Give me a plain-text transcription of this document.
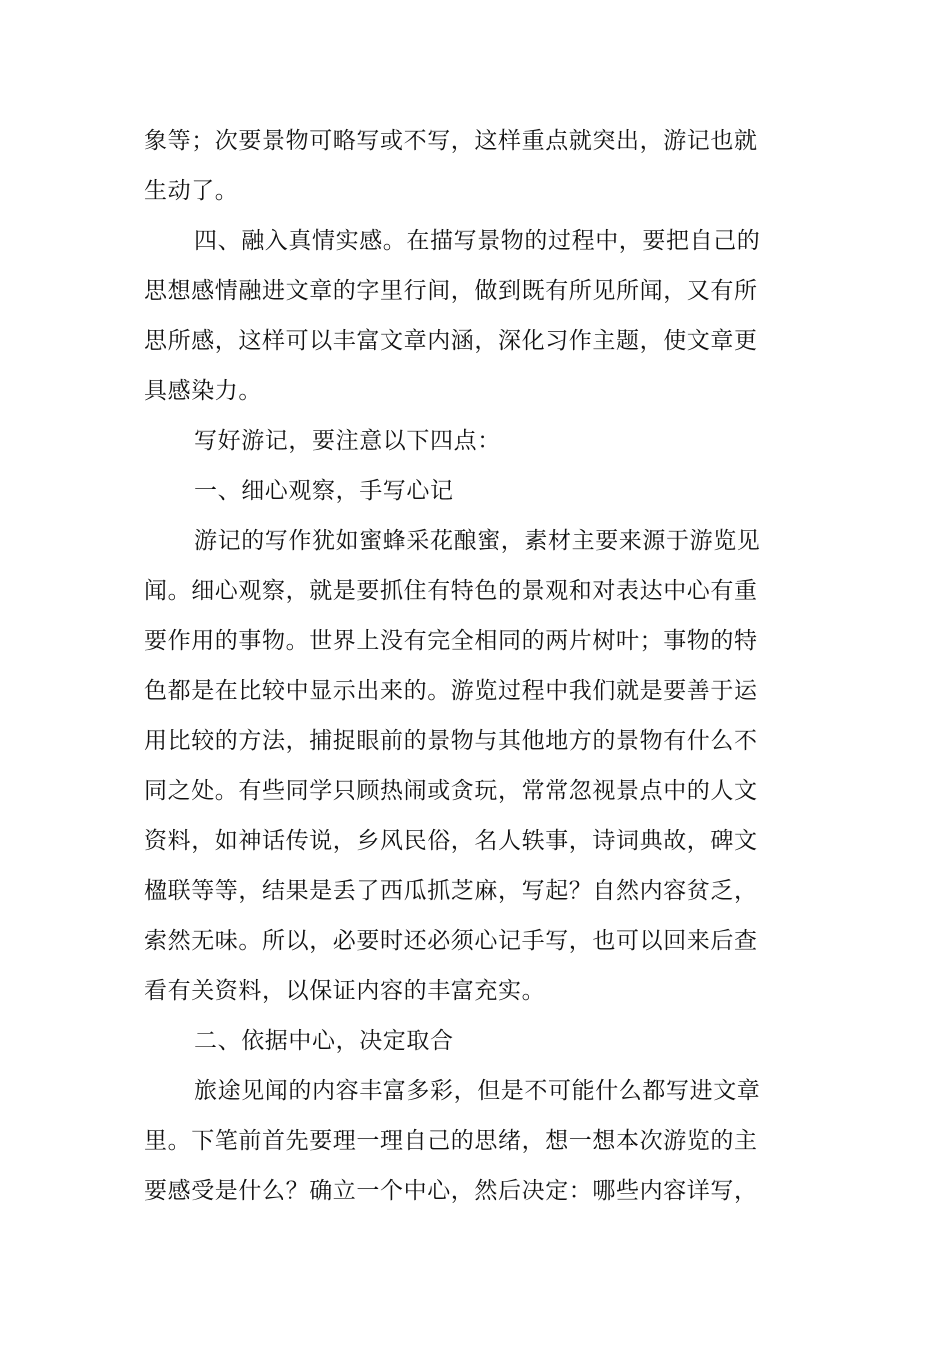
象等；次要景物可略写或不写，这样重点就突出，游记也就
生动了。
四、融入真情实感。在描写景物的过程中，要把自己的
思想感情融进文章的字里行间，做到既有所见所闻，又有所
思所感，这样可以丰富文章内涵，深化习作主题，使文章更
具感染力。
写好游记，要注意以下四点：
一、细心观察，手写心记
游记的写作犹如蜜蜂采花酿蜜，素材主要来源于游览见
闻。细心观察，就是要抓住有特色的景观和对表达中心有重
要作用的事物。世界上没有完全相同的两片树叶；事物的特
色都是在比较中显示出来的。游览过程中我们就是要善于运
用比较的方法，捕捉眼前的景物与其他地方的景物有什么不
同之处。有些同学只顾热闹或贪玩，常常忽视景点中的人文
资料，如神话传说，乡风民俗，名人轶事，诗词典故，碑文
楹联等等，结果是丢了西瓜抓芝麻，写起？自然内容贫乏，
索然无味。所以，必要时还必须心记手写，也可以回来后查
看有关资料，以保证内容的丰富充实。
二、依据中心，决定取合
旅途见闻的内容丰富多彩，但是不可能什么都写进文章
里。下笔前首先要理一理自己的思绪，想一想本次游览的主
要感受是什么？确立一个中心，然后决定：哪些内容详写，
